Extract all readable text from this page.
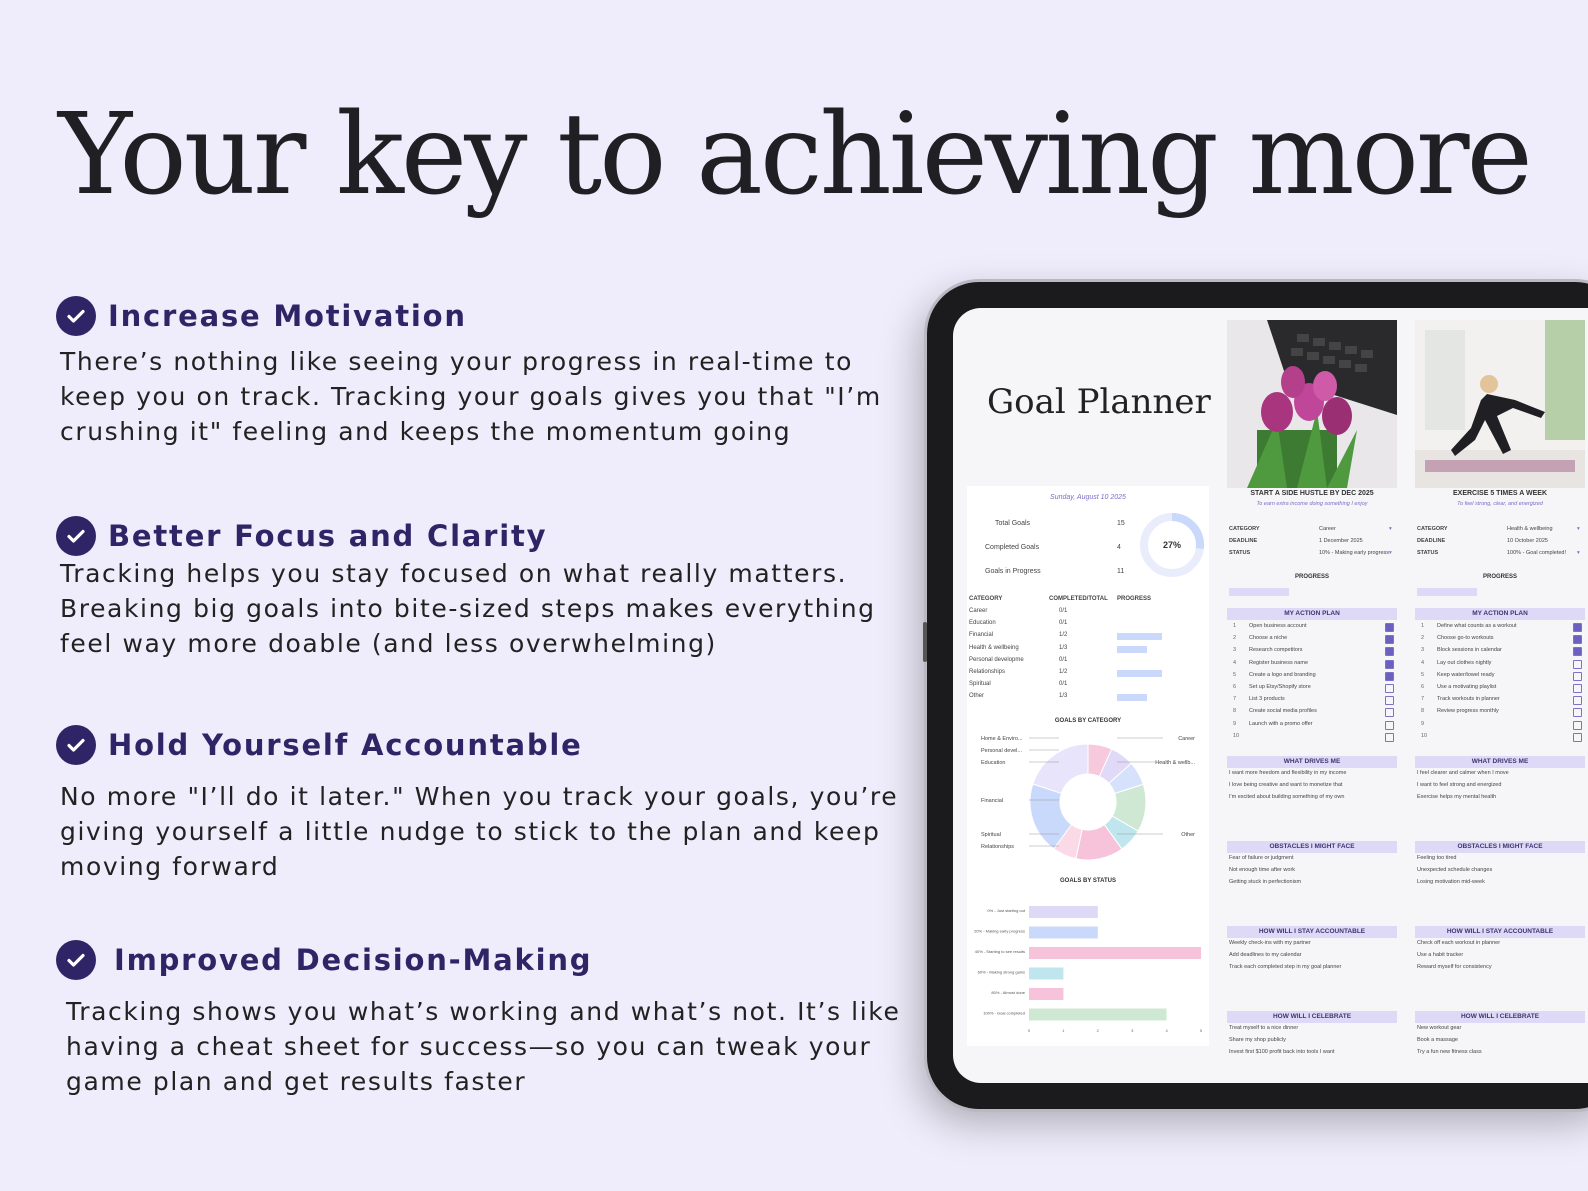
Your key to achieving more
Increase Motivation

There’s nothing like seeing your progress in real-time to keep you on track. Tracking your goals gives you that "I’m crushing it" feeling and keeps the momentum going

Better Focus and Clarity

Tracking helps you stay focused on what really matters. Breaking big goals into bite-sized steps makes everything feel way more doable (and less overwhelming)

Hold Yourself Accountable

No more "I’ll do it later." When you track your goals, you’re giving yourself a little nudge to stick to the plan and keep moving forward

Improved Decision-Making

Tracking shows you what’s working and what’s not. It’s like having a cheat sheet for success—so you can tweak your game plan and get results faster

Goal Planner
Sunday, August 10 2025
Total Goals	15
Completed Goals	4
Goals in Progress	11
27%
CATEGORY	COMPLETED/TOTAL PROGRESS
Career	0/1
Education	0/1
Financial	1/2
Health & wellbeing	1/3
Personal developme	0/1
Relationships	1/2
Spiritual	0/1
Other	1/3
GOALS BY CATEGORY
Home & Enviro...
Personal devel...
Education
Financial
Spiritual
Relationships
Career
Health & wellb...
Other
GOALS BY STATUS
0% - Just starting out
20% - Making early progress
40% - Starting to see results
60% - Making strong gains
80% - Almost done
100% - Goal completed
0	1	2	3	4	5
START A SIDE HUSTLE BY DEC 2025
To earn extra income doing something I enjoy
CATEGORY	Career	▾
DEADLINE	1 December 2025
STATUS	10% - Making early progress ▾
PROGRESS
MY ACTION PLAN
1 Open business account
2 Choose a niche
3 Research competitors
4 Register business name
5 Create a logo and branding
6 Set up Etsy/Shopify store
7 List 3 products
8 Create social media profiles
9 Launch with a promo offer
10
WHAT DRIVES ME
I want more freedom and flexibility in my income
I love being creative and want to monetize that
I'm excited about building something of my own
OBSTACLES I MIGHT FACE
Fear of failure or judgment
Not enough time after work
Getting stuck in perfectionism
HOW WILL I STAY ACCOUNTABLE
Weekly check-ins with my partner
Add deadlines to my calendar
Track each completed step in my goal planner
HOW WILL I CELEBRATE
Treat myself to a nice dinner
Share my shop publicly
Invest first $100 profit back into tools I want
EXERCISE 5 TIMES A WEEK
To feel strong, clear, and energized
CATEGORY	Health & wellbeing	▾
DEADLINE	10 October 2025
STATUS	100% - Goal completed! ▾
PROGRESS
MY ACTION PLAN
1 Define what counts as a workout
2 Choose go-to workouts
3 Block sessions in calendar
4 Lay out clothes nightly
5 Keep water/towel ready
6 Use a motivating playlist
7 Track workouts in planner
8 Review progress monthly
9
10
WHAT DRIVES ME
I feel clearer and calmer when I move
I want to feel strong and energized
Exercise helps my mental health
OBSTACLES I MIGHT FACE
Feeling too tired
Unexpected schedule changes
Losing motivation mid-week
HOW WILL I STAY ACCOUNTABLE
Check off each workout in planner
Use a habit tracker
Reward myself for consistency
HOW WILL I CELEBRATE
New workout gear
Book a massage
Try a fun new fitness class
